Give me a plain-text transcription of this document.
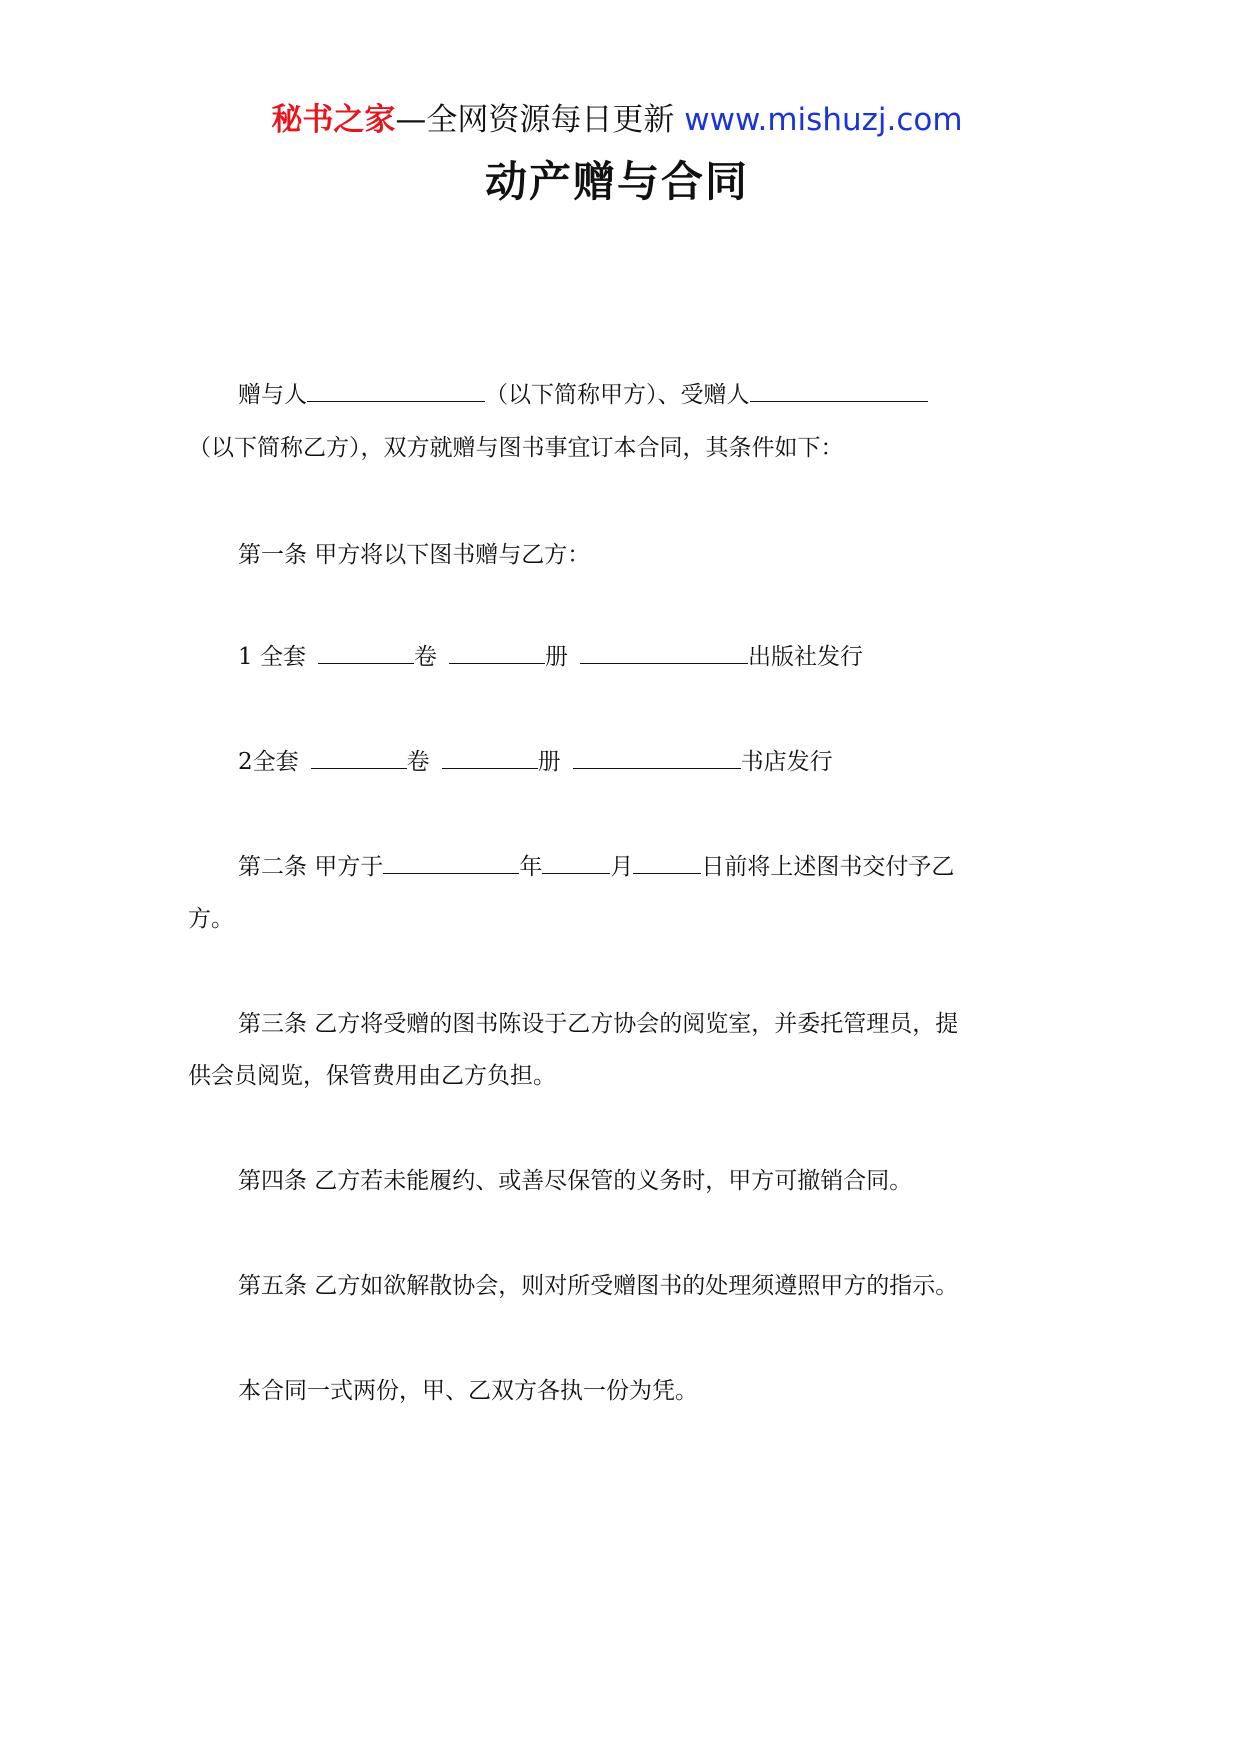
秘书之家—全网资源每日更新 www.mishuzj.com
动产赠与合同
赠与人	（以下简称甲方）、受赠人
（以下简称乙方），双方就赠与图书事宜订本合同，其条件如下：
第一条 甲方将以下图书赠与乙方：
1 全套	卷	册	出版社发行
2全套	卷	册	书店发行
第二条 甲方于	年	月	日前将上述图书交付予乙
方。
第三条 乙方将受赠的图书陈设于乙方协会的阅览室，并委托管理员，提
供会员阅览，保管费用由乙方负担。
第四条 乙方若未能履约、或善尽保管的义务时，甲方可撤销合同。
第五条 乙方如欲解散协会，则对所受赠图书的处理须遵照甲方的指示。
本合同一式两份，甲、乙双方各执一份为凭。
